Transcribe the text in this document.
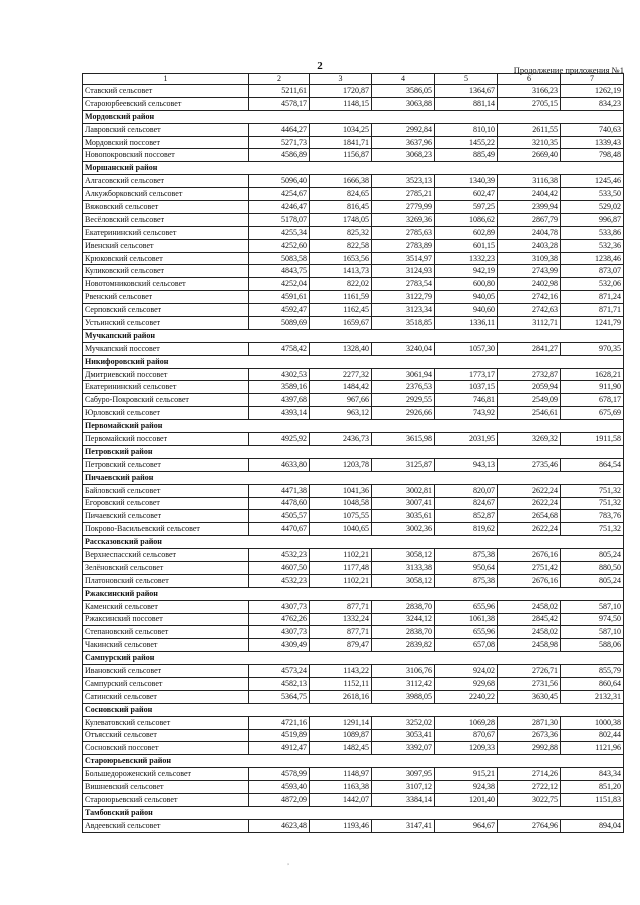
2	Продолжение приложения №1
1	2	3	4	5	6	7
Ставский сельсовет	5211,61	1720,87	3586,05	1364,67	3166,23	1262,19
Староюрбеевский сельсовет	4578,17	1148,15	3063,88	881,14	2705,15	834,23
Мордовский район						
Лавровский сельсовет	4464,27	1034,25	2992,84	810,10	2611,55	740,63
Мордовский поссовет	5271,73	1841,71	3637,96	1455,22	3210,35	1339,43
Новопокровский поссовет	4586,89	1156,87	3068,23	885,49	2669,40	798,48
Моршанский район						
Алгасовский сельсовет	5096,40	1666,38	3523,13	1340,39	3116,38	1245,46
Алкужборковский сельсовет	4254,67	824,65	2785,21	602,47	2404,42	533,50
Вяжовский сельсовет	4246,47	816,45	2779,99	597,25	2399,94	529,02
Весёловский сельсовет	5178,07	1748,05	3269,36	1086,62	2867,79	996,87
Екатерининский сельсовет	4255,34	825,32	2785,63	602,89	2404,78	533,86
Ивенский сельсовет	4252,60	822,58	2783,89	601,15	2403,28	532,36
Крюковский сельсовет	5083,58	1653,56	3514,97	1332,23	3109,38	1238,46
Куликовский сельсовет	4843,75	1413,73	3124,93	942,19	2743,99	873,07
Новотомниковский сельсовет	4252,04	822,02	2783,54	600,80	2402,98	532,06
Рвенский сельсовет	4591,61	1161,59	3122,79	940,05	2742,16	871,24
Серповский сельсовет	4592,47	1162,45	3123,34	940,60	2742,63	871,71
Устьинский сельсовет	5089,69	1659,67	3518,85	1336,11	3112,71	1241,79
Мучкапский район						
Мучкапский поссовет	4758,42	1328,40	3240,04	1057,30	2841,27	970,35
Никифоровский район						
Дмитриевский поссовет	4302,53	2277,32	3061,94	1773,17	2732,87	1628,21
Екатерининский сельсовет	3589,16	1484,42	2376,53	1037,15	2059,94	911,90
Сабуро-Покровский сельсовет	4397,68	967,66	2929,55	746,81	2549,09	678,17
Юрловский сельсовет	4393,14	963,12	2926,66	743,92	2546,61	675,69
Первомайский район						
Первомайский поссовет	4925,92	2436,73	3615,98	2031,95	3269,32	1911,58
Петровский район						
Петровский сельсовет	4633,80	1203,78	3125,87	943,13	2735,46	864,54
Пичаевский район						
Байловский сельсовет	4471,38	1041,36	3002,81	820,07	2622,24	751,32
Егоровский сельсовет	4478,60	1048,58	3007,41	824,67	2622,24	751,32
Пичаевский сельсовет	4505,57	1075,55	3035,61	852,87	2654,68	783,76
Покрово-Васильевский сельсовет	4470,67	1040,65	3002,36	819,62	2622,24	751,32
Рассказовский район						
Верхнеспасский сельсовет	4532,23	1102,21	3058,12	875,38	2676,16	805,24
Зелёновский сельсовет	4607,50	1177,48	3133,38	950,64	2751,42	880,50
Платоновский сельсовет	4532,23	1102,21	3058,12	875,38	2676,16	805,24
Ржаксинский район						
Каменский сельсовет	4307,73	877,71	2838,70	655,96	2458,02	587,10
Ржаксинский поссовет	4762,26	1332,24	3244,12	1061,38	2845,42	974,50
Степановский сельсовет	4307,73	877,71	2838,70	655,96	2458,02	587,10
Чакинский сельсовет	4309,49	879,47	2839,82	657,08	2458,98	588,06
Сампурский район						
Ивановский сельсовет	4573,24	1143,22	3106,76	924,02	2726,71	855,79
Сампурский сельсовет	4582,13	1152,11	3112,42	929,68	2731,56	860,64
Сатинский сельсовет	5364,75	2618,16	3988,05	2240,22	3630,45	2132,31
Сосновский район						
Кулеватовский сельсовет	4721,16	1291,14	3252,02	1069,28	2871,30	1000,38
Отъясский сельсовет	4519,89	1089,87	3053,41	870,67	2673,36	802,44
Сосновский поссовет	4912,47	1482,45	3392,07	1209,33	2992,88	1121,96
Староюрьевский район						
Большедороженский сельсовет	4578,99	1148,97	3097,95	915,21	2714,26	843,34
Вишневский сельсовет	4593,40	1163,38	3107,12	924,38	2722,12	851,20
Староюрьевский сельсовет	4872,09	1442,07	3384,14	1201,40	3022,75	1151,83
Тамбовский район						
Авдеевский сельсовет	4623,48	1193,46	3147,41	964,67	2764,96	894,04
‚
